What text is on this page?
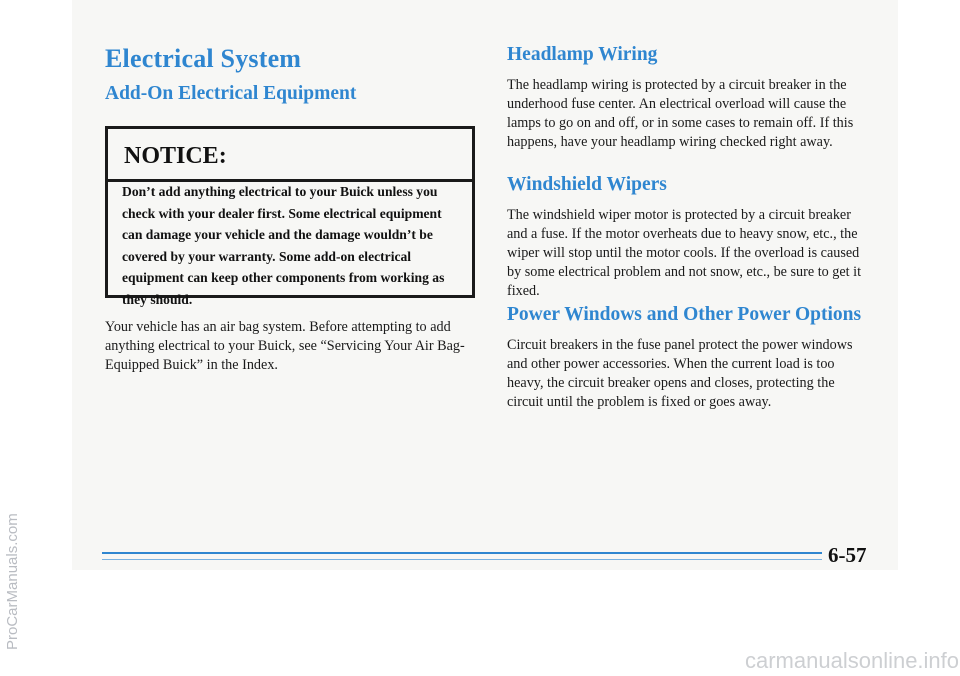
Electrical System
Add-On Electrical Equipment

NOTICE:

Don’t add anything electrical to your Buick unless you check with your dealer first. Some electrical equipment can damage your vehicle and the damage wouldn’t be covered by your warranty. Some add-on electrical equipment can keep other components from working as they should.

Your vehicle has an air bag system. Before attempting to add anything electrical to your Buick, see “Servicing Your Air Bag-Equipped Buick” in the Index.

Headlamp Wiring

The headlamp wiring is protected by a circuit breaker in the underhood fuse center. An electrical overload will cause the lamps to go on and off, or in some cases to remain off. If this happens, have your headlamp wiring checked right away.

Windshield Wipers

The windshield wiper motor is protected by a circuit breaker and a fuse. If the motor overheats due to heavy snow, etc., the wiper will stop until the motor cools. If the overload is caused by some electrical problem and not snow, etc., be sure to get it fixed.

Power Windows and Other Power Options

Circuit breakers in the fuse panel protect the power windows and other power accessories. When the current load is too heavy, the circuit breaker opens and closes, protecting the circuit until the problem is fixed or goes away.

6-57

ProCarManuals.com

carmanualsonline.info
